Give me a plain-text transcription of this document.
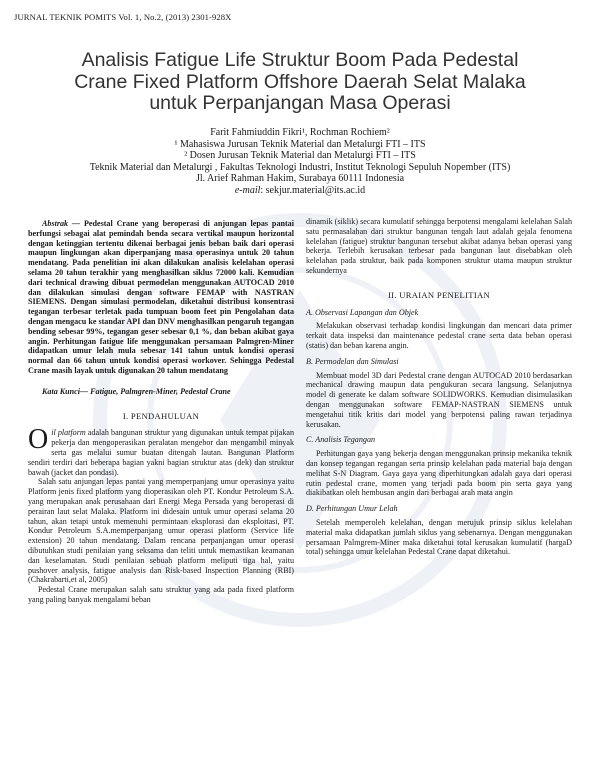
JURNAL TEKNIK POMITS Vol. 1, No.2, (2013) 2301-928X
Analisis Fatigue Life Struktur Boom Pada Pedestal
Crane Fixed Platform Offshore Daerah Selat Malaka
untuk Perpanjangan Masa Operasi
Farit Fahmiuddin Fikri¹, Rochman Rochiem²
¹ Mahasiswa Jurusan Teknik Material dan Metalurgi FTI – ITS
² Dosen Jurusan Teknik Material dan Metalurgi FTI – ITS
Teknik Material dan Metalurgi , Fakultas Teknologi Industri, Institut Teknologi Sepuluh Nopember (ITS)
Jl. Arief Rahman Hakim, Surabaya 60111 Indonesia
e-mail: sekjur.material@its.ac.id

Abstrak — Pedestal Crane yang beroperasi di anjungan lepas pantai berfungsi sebagai alat pemindah benda secara vertikal maupun horizontal dengan ketinggian tertentu dikenai berbagai jenis beban baik dari operasi maupun lingkungan akan diperpanjang masa operasinya untuk 20 tahun mendatang. Pada penelitian ini akan dilakukan analisis kelelahan operasi selama 20 tahun terakhir yang menghasilkan siklus 72000 kali. Kemudian dari technical drawing dibuat permodelan menggunakan AUTOCAD 2010 dan dilakukan simulasi dengan software FEMAP with NASTRAN SIEMENS. Dengan simulasi permodelan, diketahui distribusi konsentrasi tegangan terbesar terletak pada tumpuan boom feet pin Pengolahan data dengan mengacu ke standar API dan DNV menghasilkan pengaruh tegangan bending sebesar 99%, tegangan geser sebesar 0,1 %, dan beban akibat gaya angin. Perhitungan fatigue life menggunakan persamaan Palmgren-Miner didapatkan umur lelah mula sebesar 141 tahun untuk kondisi operasi normal dan 66 tahun untuk kondisi operasi workover. Sehingga Pedestal Crane masih layak untuk digunakan 20 tahun mendatang

Kata Kunci— Fatigue, Palmgren-Miner, Pedestal Crane
I. PENDAHULUAN

Oil platform adalah bangunan struktur yang digunakan untuk tempat pijakan pekerja dan mengoperasikan peralatan mengebor dan mengambil minyak serta gas melalui sumur buatan ditengah lautan. Bangunan Platform sendiri terdiri dari beberapa bagian yakni bagian struktur atas (dek) dan struktur bawah (jacket dan pondasi).

Salah satu anjungan lepas pantai yang memperpanjang umur operasinya yaitu Platform jenis fixed platform yang dioperasikan oleh PT. Kondur Petroleum S.A. yang merupakan anak perusahaan dari Energi Mega Persada yang beroperasi di perairan laut selat Malaka. Platform ini didesain untuk umur operasi selama 20 tahun, akan tetapi untuk memenuhi permintaan eksplorasi dan eksploitasi, PT. Kondur Petroleum S.A.memperpanjang umur operasi platform (Service life extension) 20 tahun mendatang. Dalam rencana perpanjangan umur operasi dibutuhkan studi penilaian yang seksama dan teliti untuk memastikan keamanan dan keselamatan. Studi penilaian sebuah platform meliputi tiga hal, yaitu pushover analysis, fatigue analysis dan Risk-based Inspection Planning (RBI) (Chakrabarti,et al, 2005)

Pedestal Crane merupakan salah satu struktur yang ada pada fixed platform yang paling banyak mengalami beban

dinamik (siklik) secara kumulatif sehingga berpotensi mengalami kelelahan Salah satu permasalahan dari struktur bangunan tengah laut adalah gejala fenomena kelelahan (fatigue) struktur bangunan tersebut akibat adanya beban operasi yang bekerja. Terlebih kerusakan terbesar pada bangunan laut disebabkan oleh kelelahan pada struktur, baik pada komponen struktur utama maupun struktur sekundernya

II. URAIAN PENELITIAN
A. Observasi Lapangan dan Objek

Melakukan observasi terhadap kondisi lingkungan dan mencari data primer terkait data inspeksi dan maintenance pedestal crane serta data beban operasi (statis) dan beban karena angin.

B. Permodelan dan Simulasi

Membuat model 3D dari Pedestal crane dengan AUTOCAD 2010 berdasarkan mechanical drawing maupun data pengukuran secara langsung. Selanjutnya model di generate ke dalam software SOLIDWORKS. Kemudian disimulasikan dengan menggunakan software FEMAP-NASTRAN SIEMENS untuk mengetahui titik kritis dari model yang berpotensi paling rawan terjadinya kerusakan.

C. Analisis Tegangan

Perhitungan gaya yang bekerja dengan menggunakan prinsip mekanika teknik dan konsep tegangan regangan serta prinsip kelelahan pada material baja dengan melihat S-N Diagram. Gaya gaya yang diperhitungkan adalah gaya dari operasi rutin pedestal crane, momen yang terjadi pada boom pin serta gaya yang diakibatkan oleh hembusan angin dari berbagai arah mata angin

D. Perhitungan Umur Lelah

Setelah memperoleh kelelahan, dengan merujuk prinsip siklus kelelahan material maka didapatkan jumlah siklus yang sebenarnya. Dengan menggunakan persamaan Palmgrem-Miner maka diketahui total kerusakan kumulatif (hargaD total) sehingga umur kelelahan Pedestal Crane dapat diketahui.
